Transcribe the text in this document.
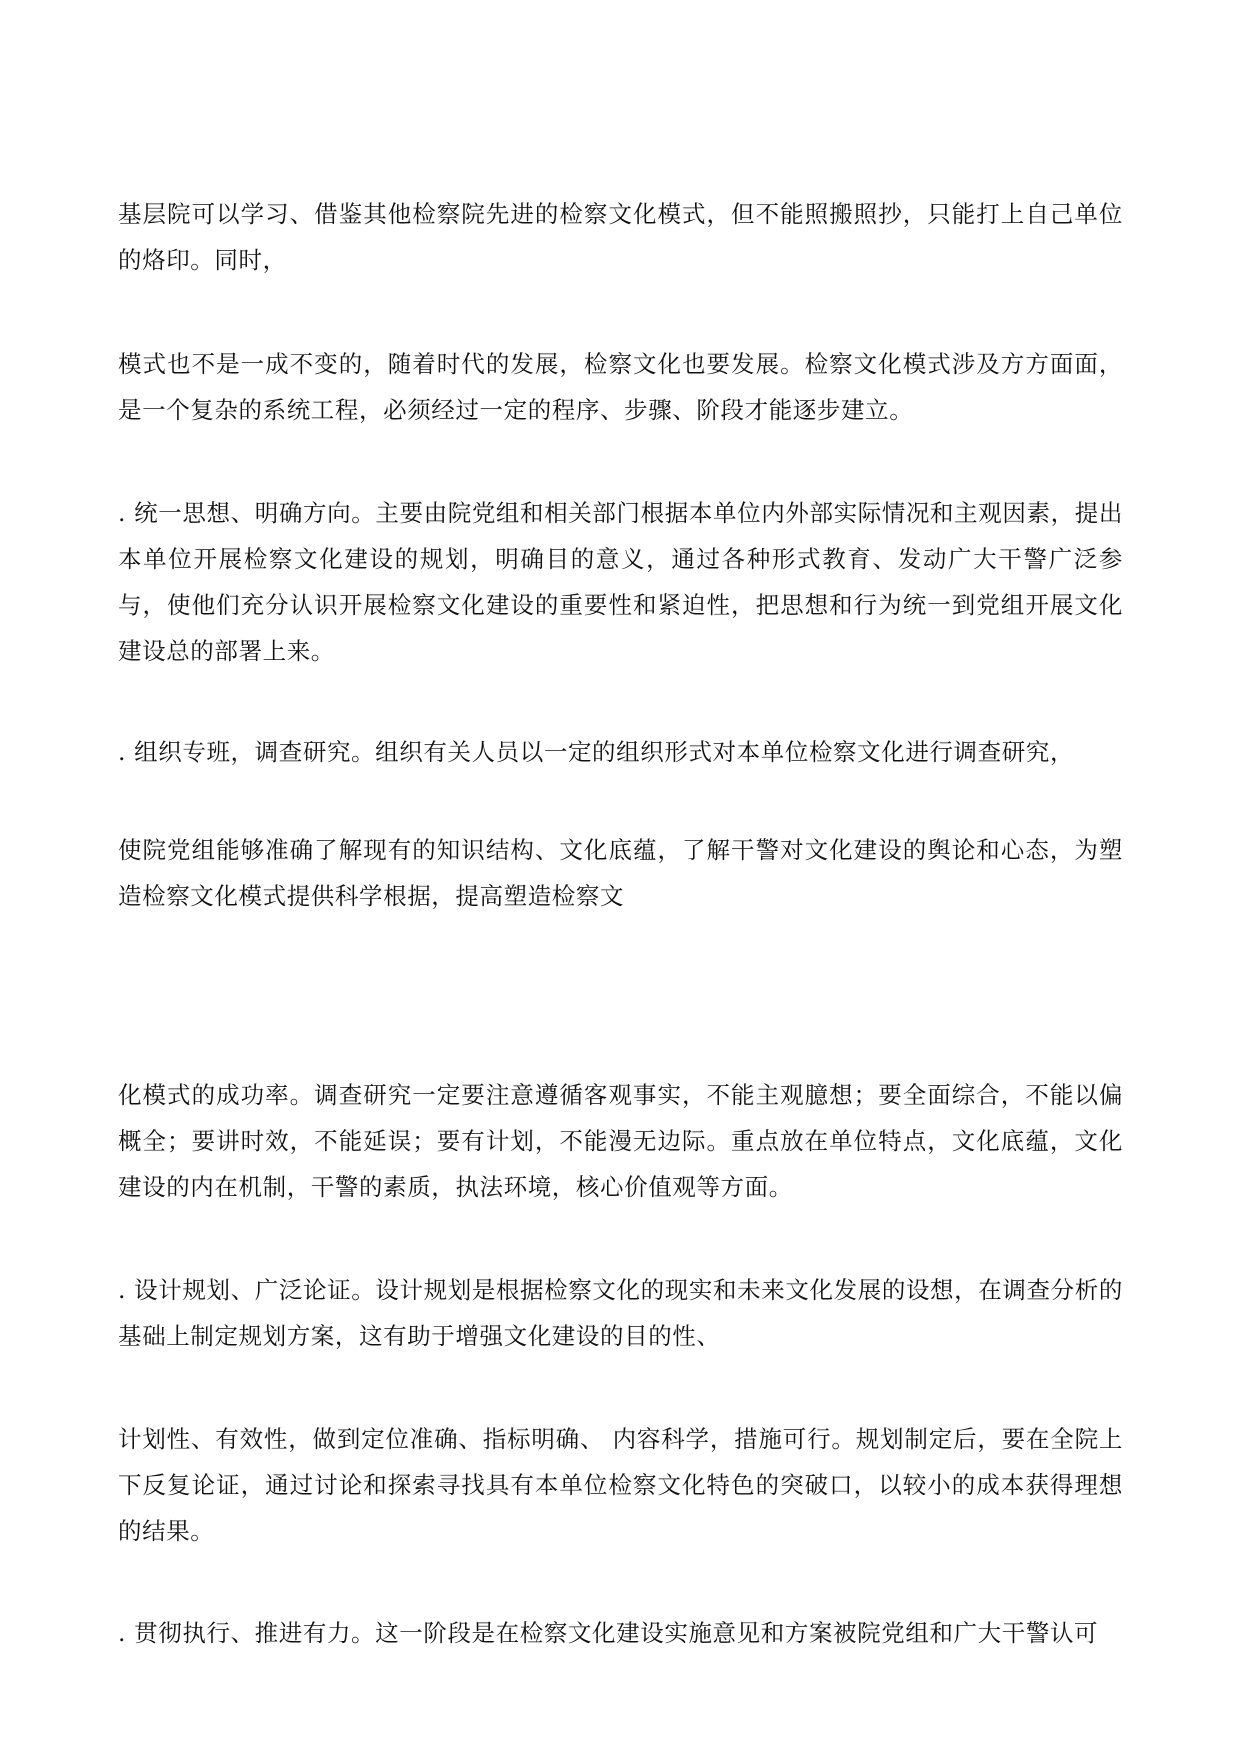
基层院可以学习、借鉴其他检察院先进的检察文化模式，但不能照搬照抄，只能打上自己单位的烙印。同时，

模式也不是一成不变的，随着时代的发展，检察文化也要发展。检察文化模式涉及方方面面，是一个复杂的系统工程，必须经过一定的程序、步骤、阶段才能逐步建立。

. 统一思想、明确方向。主要由院党组和相关部门根据本单位内外部实际情况和主观因素，提出本单位开展检察文化建设的规划，明确目的意义，通过各种形式教育、发动广大干警广泛参与，使他们充分认识开展检察文化建设的重要性和紧迫性，把思想和行为统一到党组开展文化建设总的部署上来。

. 组织专班，调查研究。组织有关人员以一定的组织形式对本单位检察文化进行调查研究，

使院党组能够准确了解现有的知识结构、文化底蕴，了解干警对文化建设的舆论和心态，为塑造检察文化模式提供科学根据，提高塑造检察文

化模式的成功率。调查研究一定要注意遵循客观事实，不能主观臆想；要全面综合，不能以偏概全；要讲时效，不能延误；要有计划，不能漫无边际。重点放在单位特点，文化底蕴，文化建设的内在机制，干警的素质，执法环境，核心价值观等方面。

. 设计规划、广泛论证。设计规划是根据检察文化的现实和未来文化发展的设想，在调查分析的基础上制定规划方案，这有助于增强文化建设的目的性、

计划性、有效性，做到定位准确、指标明确、 内容科学，措施可行。规划制定后，要在全院上下反复论证，通过讨论和探索寻找具有本单位检察文化特色的突破口，以较小的成本获得理想的结果。

. 贯彻执行、推进有力。这一阶段是在检察文化建设实施意见和方案被院党组和广大干警认可
